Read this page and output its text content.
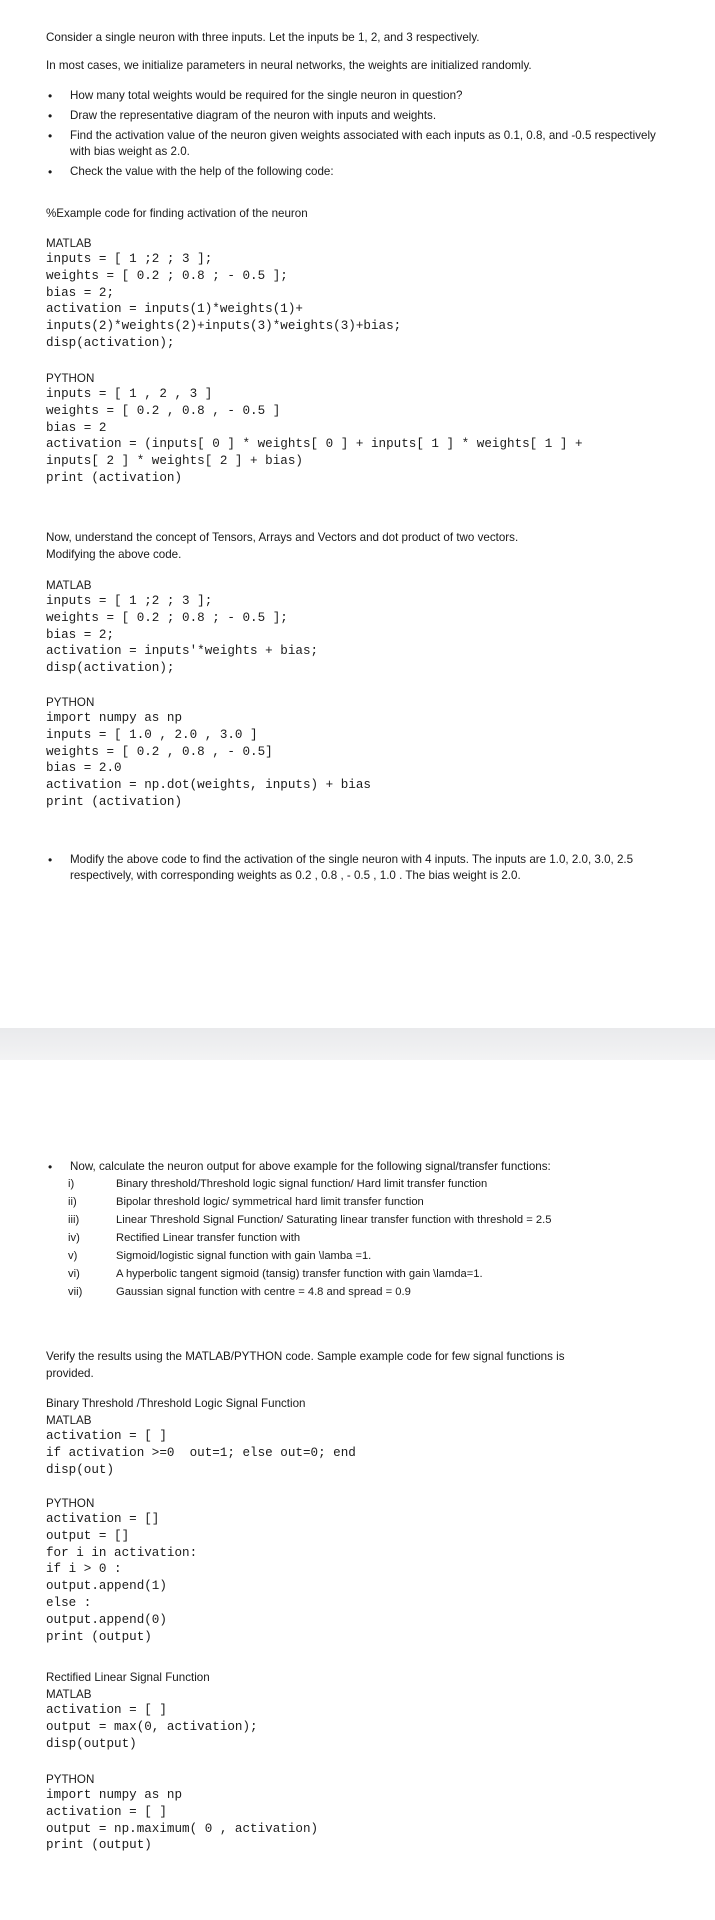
Consider a single neuron with three inputs. Let the inputs be 1, 2, and 3 respectively.

In most cases, we initialize parameters in neural networks, the weights are initialized randomly.

• How many total weights would be required for the single neuron in question?
• Draw the representative diagram of the neuron with inputs and weights.
• Find the activation value of the neuron given weights associated with each inputs as 0.1, 0.8, and -0.5 respectively with bias weight as 2.0.
• Check the value with the help of the following code:

%Example code for finding activation of the neuron

MATLAB

inputs = [ 1 ;2 ; 3 ];
weights = [ 0.2 ; 0.8 ; - 0.5 ];
bias = 2;
activation = inputs(1)*weights(1)+
inputs(2)*weights(2)+inputs(3)*weights(3)+bias;
disp(activation);

PYTHON

inputs = [ 1 , 2 , 3 ]
weights = [ 0.2 , 0.8 , - 0.5 ]
bias = 2
activation = (inputs[ 0 ] * weights[ 0 ] + inputs[ 1 ] * weights[ 1 ] +
inputs[ 2 ] * weights[ 2 ] + bias)
print (activation)

Now, understand the concept of Tensors, Arrays and Vectors and dot product of two vectors.

Modifying the above code.

MATLAB

inputs = [ 1 ;2 ; 3 ];
weights = [ 0.2 ; 0.8 ; - 0.5 ];
bias = 2;
activation = inputs'*weights + bias;
disp(activation);

PYTHON

import numpy as np
inputs = [ 1.0 , 2.0 , 3.0 ]
weights = [ 0.2 , 0.8 , - 0.5]
bias = 2.0
activation = np.dot(weights, inputs) + bias
print (activation)
• Modify the above code to find the activation of the single neuron with 4 inputs. The inputs are 1.0, 2.0, 3.0, 2.5 respectively, with corresponding weights as 0.2 , 0.8 , - 0.5 , 1.0 . The bias weight is 2.0.
• Now, calculate the neuron output for above example for the following signal/transfer functions:
i)	Binary threshold/Threshold logic signal function/ Hard limit transfer function
ii)	Bipolar threshold logic/ symmetrical hard limit transfer function
iii)	Linear Threshold Signal Function/ Saturating linear transfer function with threshold = 2.5
iv)	Rectified Linear transfer function with
v)	Sigmoid/logistic signal function with gain \lamba =1.
vi)	A hyperbolic tangent sigmoid (tansig) transfer function with gain \lamda=1.
vii)	Gaussian signal function with centre = 4.8 and spread = 0.9

Verify the results using the MATLAB/PYTHON code. Sample example code for few signal functions is

provided.

Binary Threshold /Threshold Logic Signal Function

MATLAB

activation = [ ]
if activation >=0  out=1; else out=0; end
disp(out)

PYTHON

activation = []
output = []
for i in activation:
if i > 0 :
output.append(1)
else :
output.append(0)
print (output)

Rectified Linear Signal Function

MATLAB

activation = [ ]
output = max(0, activation);
disp(output)

PYTHON

import numpy as np
activation = [ ]
output = np.maximum( 0 , activation)
print (output)
